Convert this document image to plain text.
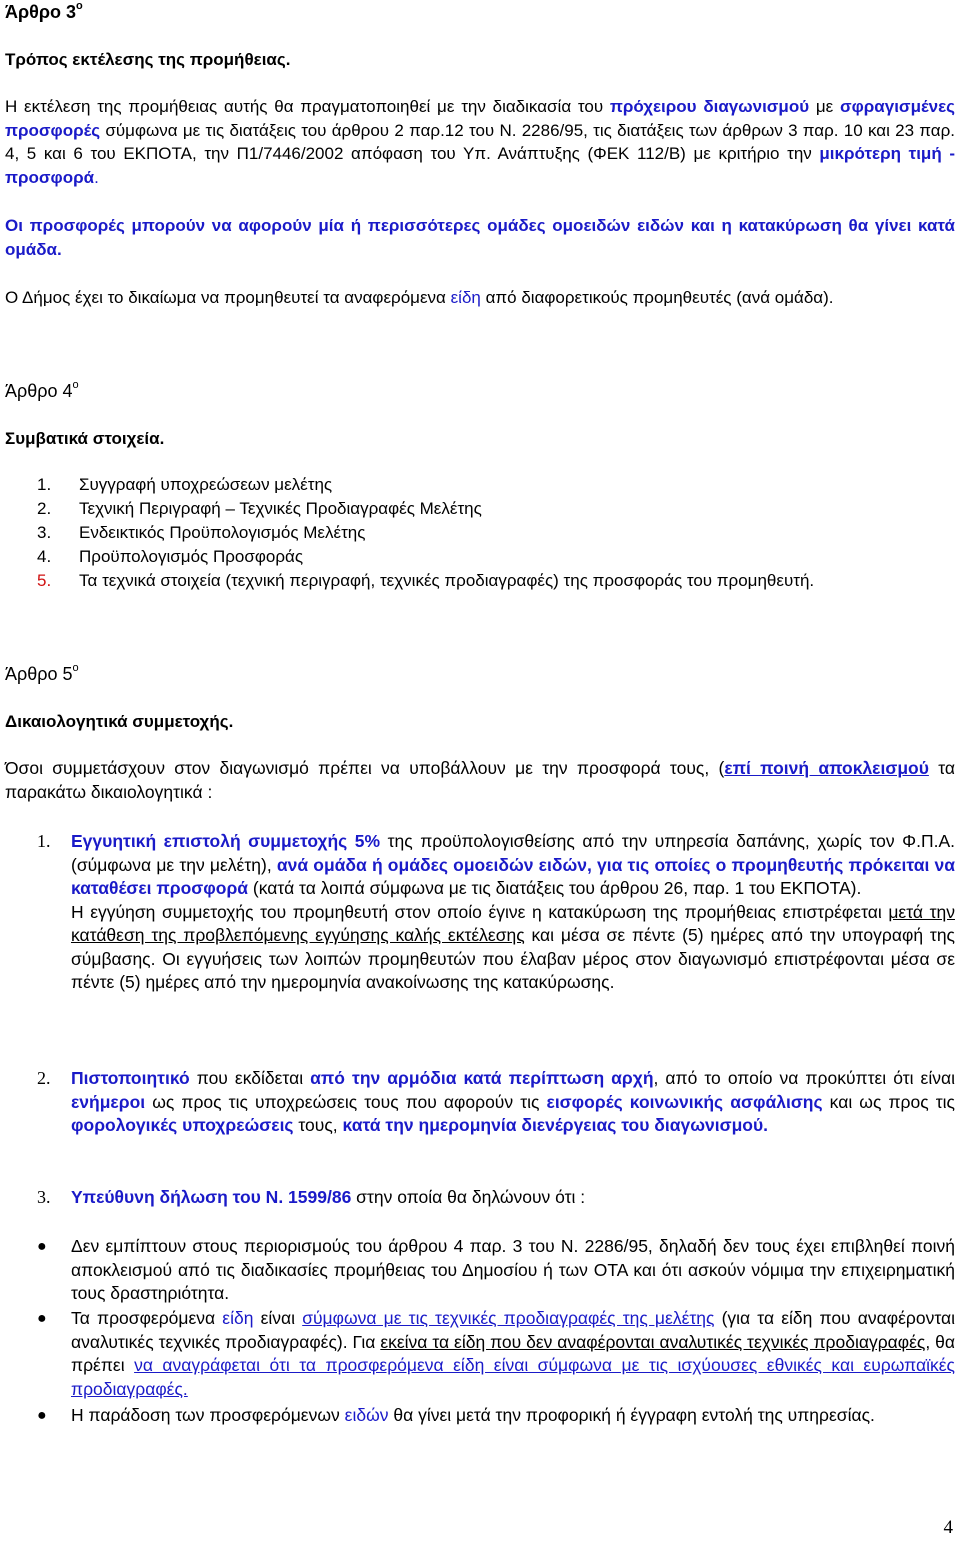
Άρθρο $3^o$
Τρόπος εκτέλεσης της προμήθειας.
Η εκτέλεση της προμήθειας αυτής θα πραγματοποιηθεί με την διαδικασία του πρόχειρου διαγωνισμού με σφραγισμένες προσφορές σύμφωνα με τις διατάξεις του άρθρου 2 παρ.12 του Ν. 2286/95, τις διατάξεις των άρθρων 3 παρ. 10 και 23 παρ. 4, 5 και 6 του ΕΚΠΟΤΑ, την Π1/7446/2002 απόφαση του Υπ. Ανάπτυξης (ΦΕΚ 112/Β) με κριτήριο την μικρότερη τιμή - προσφορά.
Οι προσφορές μπορούν να αφορούν μία ή περισσότερες ομάδες ομοειδών ειδών και η κατακύρωση θα γίνει κατά ομάδα.
Ο Δήμος έχει το δικαίωμα να προμηθευτεί τα αναφερόμενα είδη από διαφορετικούς προμηθευτές (ανά ομάδα).
Άρθρο $4^o$
Συμβατικά στοιχεία.
1. Συγγραφή υποχρεώσεων μελέτης
2. Τεχνική Περιγραφή – Τεχνικές Προδιαγραφές Μελέτης
3. Ενδεικτικός Προϋπολογισμός Μελέτης
4. Προϋπολογισμός Προσφοράς
5. Τα τεχνικά στοιχεία (τεχνική περιγραφή, τεχνικές προδιαγραφές) της προσφοράς του προμηθευτή.
Άρθρο $5^o$
Δικαιολογητικά συμμετοχής.
Όσοι συμμετάσχουν στον διαγωνισμό πρέπει να υποβάλλουν με την προσφορά τους, (επί ποινή αποκλεισμού τα παρακάτω δικαιολογητικά :
1. Εγγυητική επιστολή συμμετοχής 5% της προϋπολογισθείσης από την υπηρεσία δαπάνης, χωρίς τον Φ.Π.Α. (σύμφωνα με την μελέτη), ανά ομάδα ή ομάδες ομοειδών ειδών, για τις οποίες ο προμηθευτής πρόκειται να καταθέσει προσφορά (κατά τα λοιπά σύμφωνα με τις διατάξεις του άρθρου 26, παρ. 1 του ΕΚΠΟΤΑ).
Η εγγύηση συμμετοχής του προμηθευτή στον οποίο έγινε η κατακύρωση της προμήθειας επιστρέφεται μετά την κατάθεση της προβλεπόμενης εγγύησης καλής εκτέλεσης και μέσα σε πέντε (5) ημέρες από την υπογραφή της σύμβασης. Οι εγγυήσεις των λοιπών προμηθευτών που έλαβαν μέρος στον διαγωνισμό επιστρέφονται μέσα σε πέντε (5) ημέρες από την ημερομηνία ανακοίνωσης της κατακύρωσης.
2. Πιστοποιητικό που εκδίδεται από την αρμόδια κατά περίπτωση αρχή, από το οποίο να προκύπτει ότι είναι ενήμεροι ως προς τις υποχρεώσεις τους που αφορούν τις εισφορές κοινωνικής ασφάλισης και ως προς τις φορολογικές υποχρεώσεις τους, κατά την ημερομηνία διενέργειας του διαγωνισμού.
3. Υπεύθυνη δήλωση του Ν. 1599/86 στην οποία θα δηλώνουν ότι :
● Δεν εμπίπτουν στους περιορισμούς του άρθρου 4 παρ. 3 του Ν. 2286/95, δηλαδή δεν τους έχει επιβληθεί ποινή αποκλεισμού από τις διαδικασίες προμήθειας του Δημοσίου ή των ΟΤΑ και ότι ασκούν νόμιμα την επιχειρηματική τους δραστηριότητα.
● Τα προσφερόμενα είδη είναι σύμφωνα με τις τεχνικές προδιαγραφές της μελέτης (για τα είδη που αναφέρονται αναλυτικές τεχνικές προδιαγραφές). Για εκείνα τα είδη που δεν αναφέρονται αναλυτικές τεχνικές προδιαγραφές, θα πρέπει να αναγράφεται ότι τα προσφερόμενα είδη είναι σύμφωνα με τις ισχύουσες εθνικές και ευρωπαϊκές προδιαγραφές.
● Η παράδοση των προσφερόμενων ειδών θα γίνει μετά την προφορική ή έγγραφη εντολή της υπηρεσίας.
4
